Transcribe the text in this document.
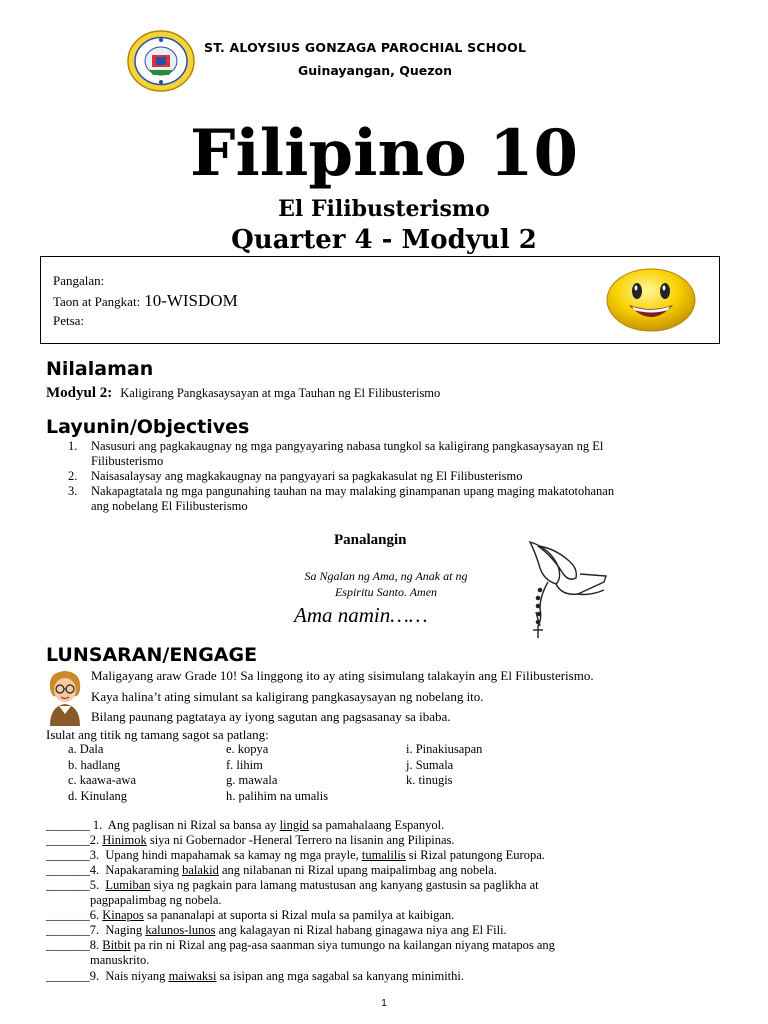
ST. ALOYSIUS GONZAGA PAROCHIAL SCHOOL
Guinayangan, Quezon
Filipino 10
El Filibusterismo
Quarter 4 - Modyul 2
Pangalan:
Taon at Pangkat: 10-WISDOM
Petsa:
Nilalaman
Modyul 2: Kaligirang Pangkasaysayan at mga Tauhan ng El Filibusterismo
Layunin/Objectives
1. Nasusuri ang pagkakaugnay ng mga pangyayaring nabasa tungkol sa kaligirang pangkasaysayan ng El
Filibusterismo
2. Naisasalaysay ang magkakaugnay na pangyayari sa pagkakasulat ng El Filibusterismo
3. Nakapagtatala ng mga pangunahing tauhan na may malaking ginampanan upang maging makatotohanan
ang nobelang El Filibusterismo
Panalangin
Sa Ngalan ng Ama, ng Anak at ng
Espiritu Santo. Amen
Ama namin……
LUNSARAN/ENGAGE
Maligayang araw Grade 10! Sa linggong ito ay ating sisimulang talakayin ang El Filibusterismo.
Kaya halina’t ating simulant sa kaligirang pangkasaysayan ng nobelang ito.
Bilang paunang pagtataya ay iyong sagutan ang pagsasanay sa ibaba.
Isulat ang titik ng tamang sagot sa patlang:
a. Dala
b. hadlang
c. kaawa-awa
d. Kinulang
e. kopya
f. lihim
g. mawala
h. palihim na umalis
i. Pinakiusapan
j. Sumala
k. tinugis
_______ 1.  Ang paglisan ni Rizal sa bansa ay lingid sa pamahalaang Espanyol.
_______2. Hinimok siya ni Gobernador -Heneral Terrero na lisanin ang Pilipinas.
_______3.  Upang hindi mapahamak sa kamay ng mga prayle, tumalilis si Rizal patungong Europa.
_______4.  Napakaraming balakid ang nilabanan ni Rizal upang maipalimbag ang nobela.
_______5. Lumiban siya ng pagkain para lamang matustusan ang kanyang gastusin sa paglikha at
pagpapalimbag ng nobela.
_______6. Kinapos sa pananalapi at suporta si Rizal mula sa pamilya at kaibigan.
_______7.  Naging kalunos-lunos ang kalagayan ni Rizal habang ginagawa niya ang El Fili.
_______8. Bitbit pa rin ni Rizal ang pag-asa saanman siya tumungo na kailangan niyang matapos ang
manuskrito.
_______9.  Nais niyang maiwaksi sa isipan ang mga sagabal sa kanyang minimithi.
1
